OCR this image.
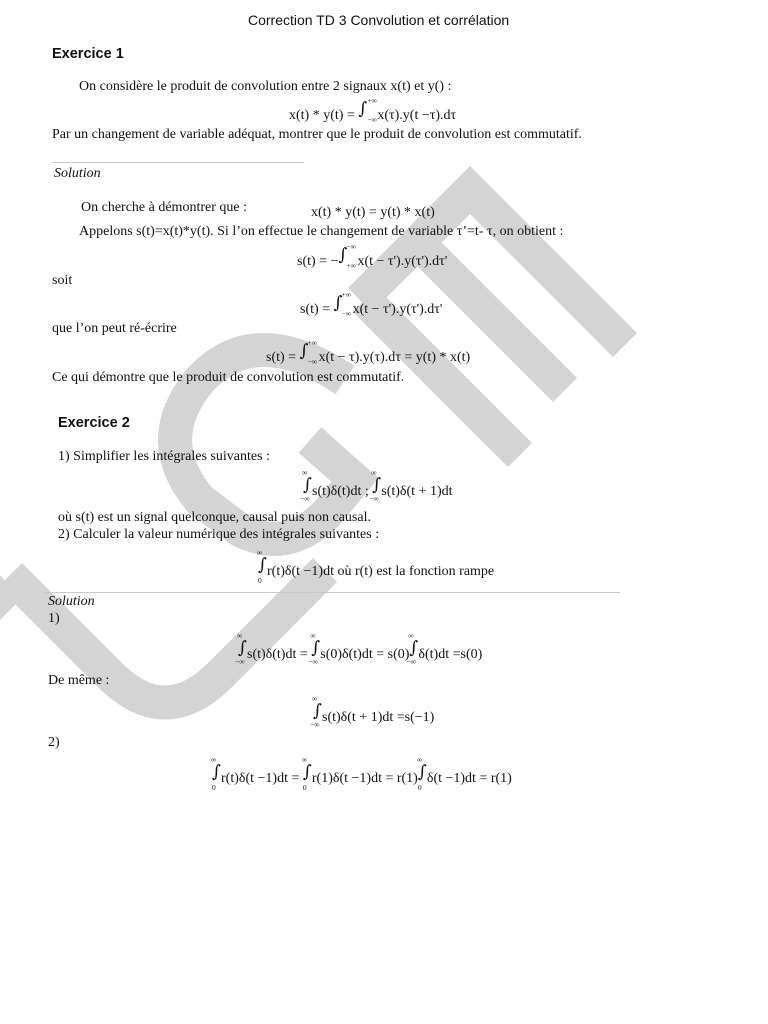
Correction TD 3 Convolution et corrélation
Exercice 1
On considère le produit de convolution entre 2 signaux x(t) et y() :
x(t) * y(t) = ∫ +∞
−∞ x(τ).y(t −τ).dτ
Par un changement de variable adéquat, montrer que le produit de convolution est commutatif.
Solution
On cherche à démontrer que :	x(t) * y(t) = y(t) * x(t)
Appelons s(t)=x(t)*y(t). Si l’on effectue le changement de variable τ’=t- τ, on obtient :
s(t) = − ∫ −∞
+∞ x(t − τ').y(τ').dτ'
soit
s(t) = ∫ +∞
−∞ x(t − τ').y(τ').dτ'
que l’on peut ré-écrire
s(t) = ∫ +∞
−∞ x(t − τ).y(τ).dτ = y(t) * x(t)
Ce qui démontre que le produit de convolution est commutatif.
Exercice 2
1) Simplifier les intégrales suivantes :
∫
∞
−∞ s(t)δ(t)dt ; ∫
∞
−∞ s(t)δ(t + 1)dt
où s(t) est un signal quelconque, causal puis non causal.
2) Calculer la valeur numérique des intégrales suivantes :
∫
∞
0
r(t)δ(t −1)dt où r(t) est la fonction rampe
Solution
1)
∫
∞
−∞ s(t)δ(t)dt = ∫
∞
−∞ s(0)δ(t)dt = s(0) ∫
∞
−∞ δ(t)dt =s(0)
De même :
∫
∞
−∞ s(t)δ(t + 1)dt =s(−1)
2)
∫
∞
0
r(t)δ(t −1)dt = ∫
∞
0
r(1)δ(t −1)dt = r(1) ∫
∞
0
δ(t −1)dt = r(1)
